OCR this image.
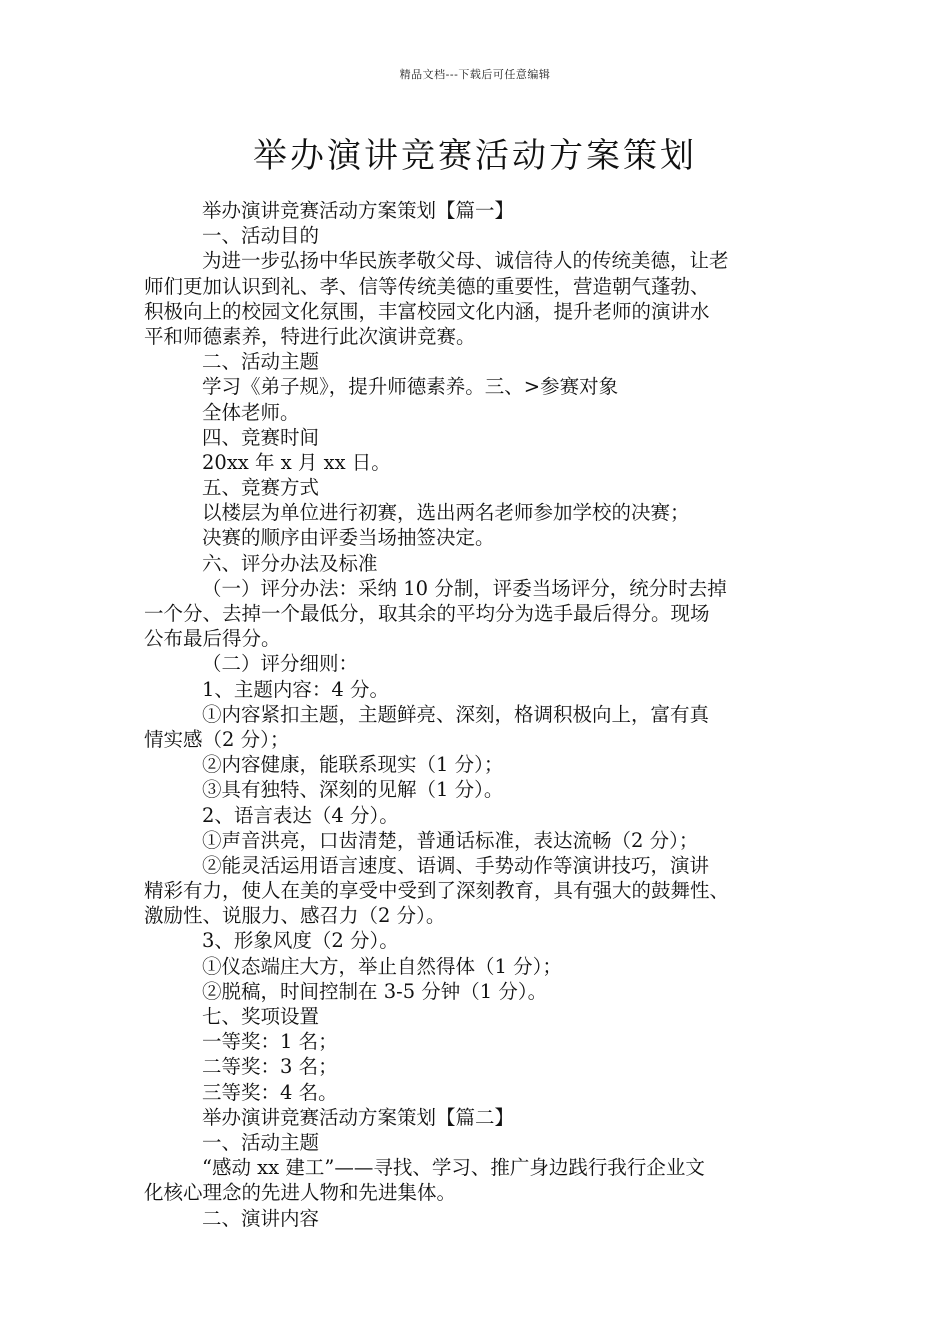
精品文档---下载后可任意编辑
举办演讲竞赛活动方案策划
举办演讲竞赛活动方案策划【篇一】
一、活动目的
为进一步弘扬中华民族孝敬父母、诚信待人的传统美德，让老
师们更加认识到礼、孝、信等传统美德的重要性，营造朝气蓬勃、
积极向上的校园文化氛围，丰富校园文化内涵，提升老师的演讲水
平和师德素养，特进行此次演讲竞赛。
二、活动主题
学习《弟子规》，提升师德素养。三、>参赛对象
全体老师。
四、竞赛时间
20xx 年 x 月 xx 日。
五、竞赛方式
以楼层为单位进行初赛，选出两名老师参加学校的决赛；
决赛的顺序由评委当场抽签决定。
六、评分办法及标准
（一）评分办法：采纳 10 分制，评委当场评分，统分时去掉
一个分、去掉一个最低分，取其余的平均分为选手最后得分。现场
公布最后得分。
（二）评分细则：
1、主题内容：4 分。
①内容紧扣主题，主题鲜亮、深刻，格调积极向上，富有真
情实感（2 分）；
②内容健康，能联系现实（1 分）；
③具有独特、深刻的见解（1 分）。
2、语言表达（4 分）。
①声音洪亮，口齿清楚，普通话标准，表达流畅（2 分）；
②能灵活运用语言速度、语调、手势动作等演讲技巧，演讲
精彩有力，使人在美的享受中受到了深刻教育，具有强大的鼓舞性、
激励性、说服力、感召力（2 分）。
3、形象风度（2 分）。
①仪态端庄大方，举止自然得体（1 分）；
②脱稿，时间控制在 3-5 分钟（1 分）。
七、奖项设置
一等奖：1 名；
二等奖：3 名；
三等奖：4 名。
举办演讲竞赛活动方案策划【篇二】
一、活动主题
“感动 xx 建工”——寻找、学习、推广身边践行我行企业文
化核心理念的先进人物和先进集体。
二、演讲内容
